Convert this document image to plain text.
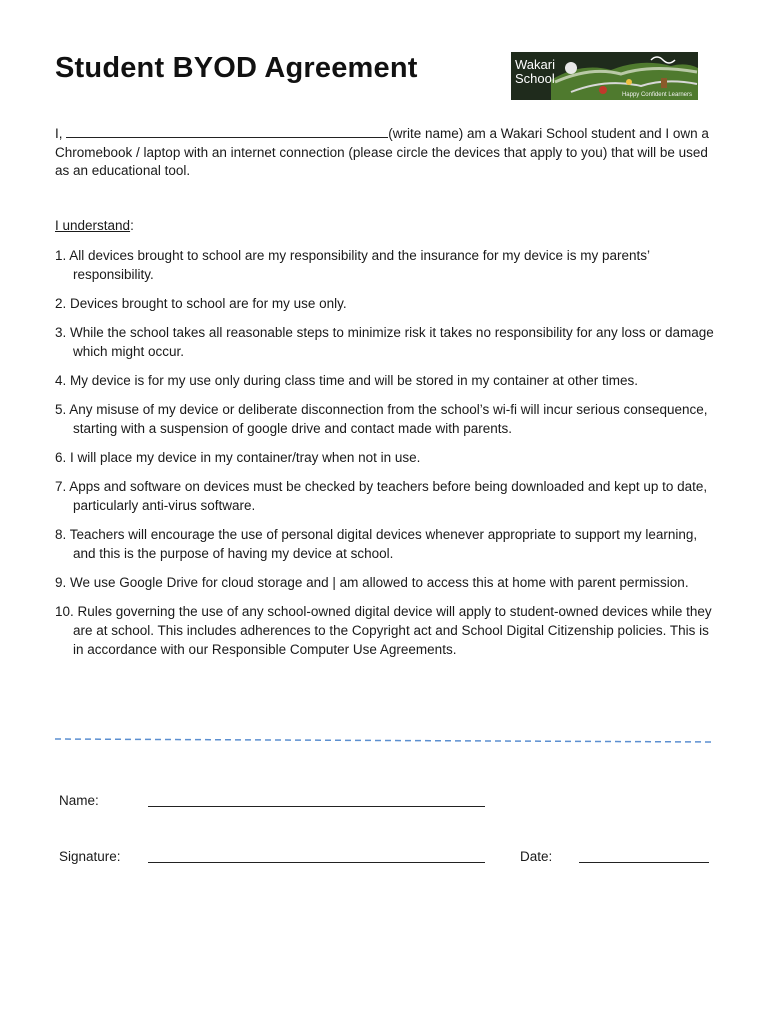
Student BYOD Agreement	Wakari
School
Happy Confident Learners
I,	(write name) am a Wakari School student and I own a Chromebook / laptop with an internet connection (please circle the devices that apply to you) that will be used as an educational tool.
I understand:
1. All devices brought to school are my responsibility and the insurance for my device is my parents’ responsibility.
2. Devices brought to school are for my use only.
3. While the school takes all reasonable steps to minimize risk it takes no responsibility for any loss or damage which might occur.
4. My device is for my use only during class time and will be stored in my container at other times.
5. Any misuse of my device or deliberate disconnection from the school’s wi-fi will incur serious consequence, starting with a suspension of google drive and contact made with parents.
6. I will place my device in my container/tray when not in use.
7. Apps and software on devices must be checked by teachers before being downloaded and kept up to date, particularly anti-virus software.
8. Teachers will encourage the use of personal digital devices whenever appropriate to support my learning, and this is the purpose of having my device at school.
9. We use Google Drive for cloud storage and | am allowed to access this at home with parent permission.
10. Rules governing the use of any school-owned digital device will apply to student-owned devices while they are at school. This includes adherences to the Copyright act and School Digital Citizenship policies. This is in accordance with our Responsible Computer Use Agreements.
Name:
Signature:	Date:
